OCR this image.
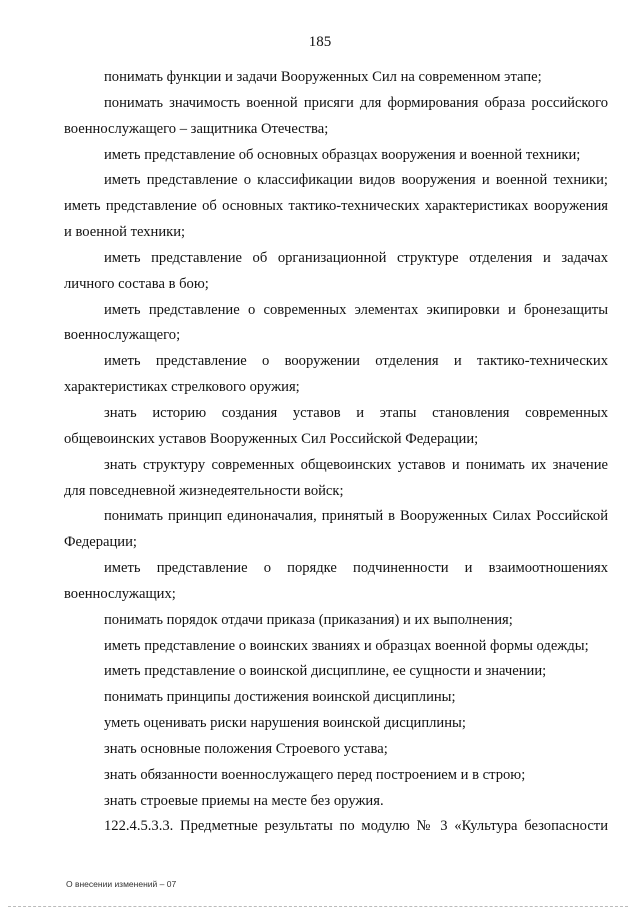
185

понимать функции и задачи Вооруженных Сил на современном этапе;

понимать значимость военной присяги для формирования образа российского военнослужащего – защитника Отечества;

иметь представление об основных образцах вооружения и военной техники;

иметь представление о классификации видов вооружения и военной техники; иметь представление об основных тактико-технических характеристиках вооружения и военной техники;

иметь представление об организационной структуре отделения и задачах личного состава в бою;

иметь представление о современных элементах экипировки и бронезащиты военнослужащего;

иметь представление о вооружении отделения и тактико-технических характеристиках стрелкового оружия;

знать историю создания уставов и этапы становления современных общевоинских уставов Вооруженных Сил Российской Федерации;

знать структуру современных общевоинских уставов и понимать их значение для повседневной жизнедеятельности войск;

понимать принцип единоначалия, принятый в Вооруженных Силах Российской Федерации;

иметь представление о порядке подчиненности и взаимоотношениях военнослужащих;

понимать порядок отдачи приказа (приказания) и их выполнения;

иметь представление о воинских званиях и образцах военной формы одежды;

иметь представление о воинской дисциплине, ее сущности и значении;

понимать принципы достижения воинской дисциплины;

уметь оценивать риски нарушения воинской дисциплины;

знать основные положения Строевого устава;

знать обязанности военнослужащего перед построением и в строю;

знать строевые приемы на месте без оружия.

122.4.5.3.3. Предметные результаты по модулю № 3 «Культура безопасности

О внесении изменений – 07
